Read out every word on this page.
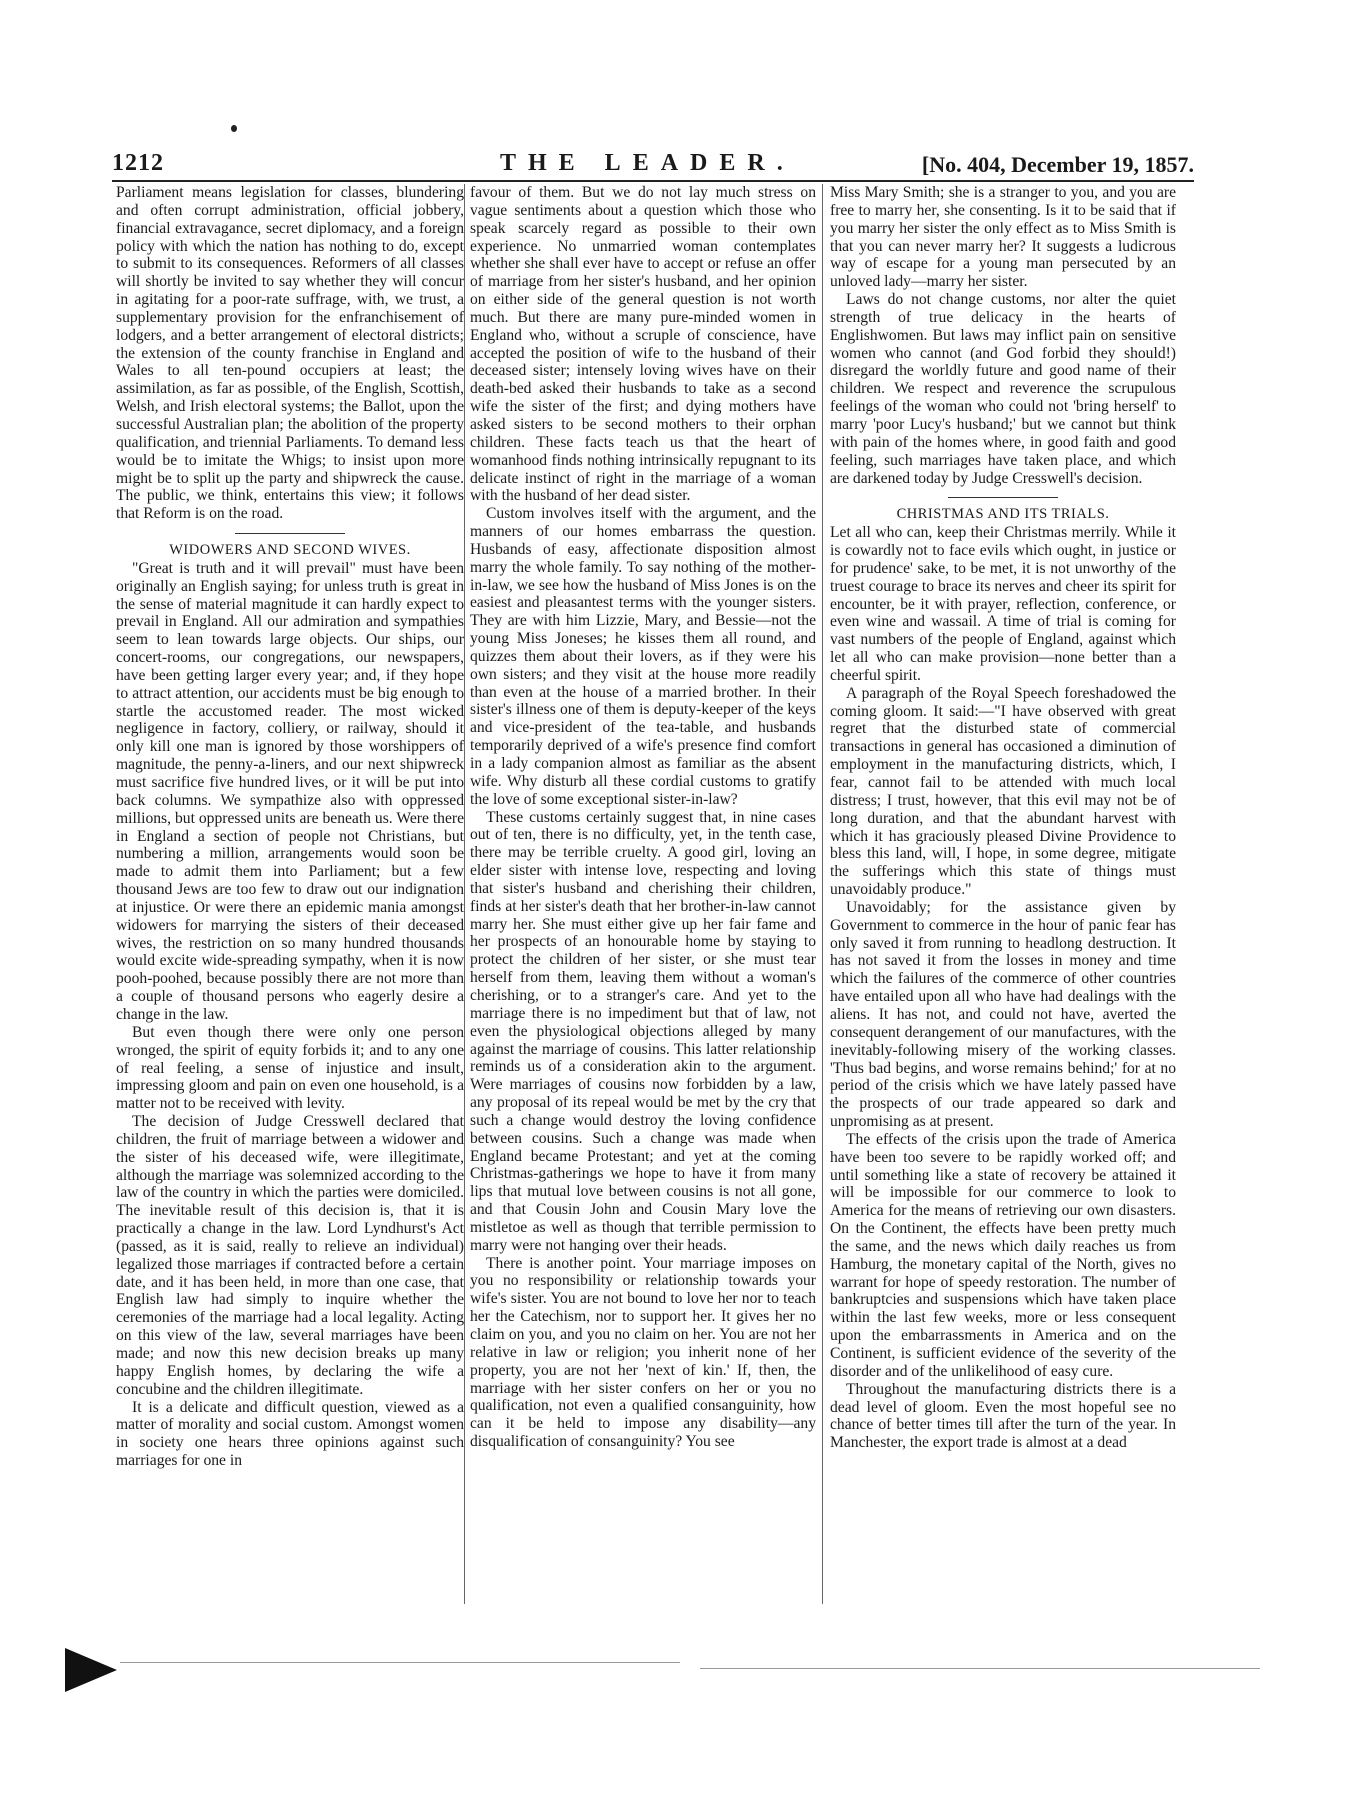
1212	THE LEADER.	[No. 404, December 19, 1857.

Parliament means legislation for classes, blundering and often corrupt administration, official jobbery, financial extravagance, secret diplomacy, and a foreign policy with which the nation has nothing to do, except to submit to its consequences. Reformers of all classes will shortly be invited to say whether they will concur in agitating for a poor-rate suffrage, with, we trust, a supplementary provision for the enfranchisement of lodgers, and a better arrangement of electoral districts; the extension of the county franchise in England and Wales to all ten-pound occupiers at least; the assimilation, as far as possible, of the English, Scottish, Welsh, and Irish electoral systems; the Ballot, upon the successful Australian plan; the abolition of the property qualification, and triennial Parliaments. To demand less would be to imitate the Whigs; to insist upon more might be to split up the party and shipwreck the cause. The public, we think, entertains this view; it follows that Reform is on the road.

WIDOWERS AND SECOND WIVES.

"Great is truth and it will prevail" must have been originally an English saying; for unless truth is great in the sense of material magnitude it can hardly expect to prevail in England. All our admiration and sympathies seem to lean towards large objects. Our ships, our concert-rooms, our congregations, our newspapers, have been getting larger every year; and, if they hope to attract attention, our accidents must be big enough to startle the accustomed reader. The most wicked negligence in factory, colliery, or railway, should it only kill one man is ignored by those worshippers of magnitude, the penny-a-liners, and our next shipwreck must sacrifice five hundred lives, or it will be put into back columns. We sympathize also with oppressed millions, but oppressed units are beneath us. Were there in England a section of people not Christians, but numbering a million, arrangements would soon be made to admit them into Parliament; but a few thousand Jews are too few to draw out our indignation at injustice. Or were there an epidemic mania amongst widowers for marrying the sisters of their deceased wives, the restriction on so many hundred thousands would excite wide-spreading sympathy, when it is now pooh-poohed, because possibly there are not more than a couple of thousand persons who eagerly desire a change in the law.

But even though there were only one person wronged, the spirit of equity forbids it; and to any one of real feeling, a sense of injustice and insult, impressing gloom and pain on even one household, is a matter not to be received with levity.

The decision of Judge Cresswell declared that children, the fruit of marriage between a widower and the sister of his deceased wife, were illegitimate, although the marriage was solemnized according to the law of the country in which the parties were domiciled. The inevitable result of this decision is, that it is practically a change in the law. Lord Lyndhurst's Act (passed, as it is said, really to relieve an individual) legalized those marriages if contracted before a certain date, and it has been held, in more than one case, that English law had simply to inquire whether the ceremonies of the marriage had a local legality. Acting on this view of the law, several marriages have been made; and now this new decision breaks up many happy English homes, by declaring the wife a concubine and the children illegitimate.

It is a delicate and difficult question, viewed as a matter of morality and social custom. Amongst women in society one hears three opinions against such marriages for one in

favour of them. But we do not lay much stress on vague sentiments about a question which those who speak scarcely regard as possible to their own experience. No unmarried woman contemplates whether she shall ever have to accept or refuse an offer of marriage from her sister's husband, and her opinion on either side of the general question is not worth much. But there are many pure-minded women in England who, without a scruple of conscience, have accepted the position of wife to the husband of their deceased sister; intensely loving wives have on their death-bed asked their husbands to take as a second wife the sister of the first; and dying mothers have asked sisters to be second mothers to their orphan children. These facts teach us that the heart of womanhood finds nothing intrinsically repugnant to its delicate instinct of right in the marriage of a woman with the husband of her dead sister.

Custom involves itself with the argument, and the manners of our homes embarrass the question. Husbands of easy, affectionate disposition almost marry the whole family. To say nothing of the mother-in-law, we see how the husband of Miss Jones is on the easiest and pleasantest terms with the younger sisters. They are with him Lizzie, Mary, and Bessie—not the young Miss Joneses; he kisses them all round, and quizzes them about their lovers, as if they were his own sisters; and they visit at the house more readily than even at the house of a married brother. In their sister's illness one of them is deputy-keeper of the keys and vice-president of the tea-table, and husbands temporarily deprived of a wife's presence find comfort in a lady companion almost as familiar as the absent wife. Why disturb all these cordial customs to gratify the love of some exceptional sister-in-law?

These customs certainly suggest that, in nine cases out of ten, there is no difficulty, yet, in the tenth case, there may be terrible cruelty. A good girl, loving an elder sister with intense love, respecting and loving that sister's husband and cherishing their children, finds at her sister's death that her brother-in-law cannot marry her. She must either give up her fair fame and her prospects of an honourable home by staying to protect the children of her sister, or she must tear herself from them, leaving them without a woman's cherishing, or to a stranger's care. And yet to the marriage there is no impediment but that of law, not even the physiological objections alleged by many against the marriage of cousins. This latter relationship reminds us of a consideration akin to the argument. Were marriages of cousins now forbidden by a law, any proposal of its repeal would be met by the cry that such a change would destroy the loving confidence between cousins. Such a change was made when England became Protestant; and yet at the coming Christmas-gatherings we hope to have it from many lips that mutual love between cousins is not all gone, and that Cousin John and Cousin Mary love the mistletoe as well as though that terrible permission to marry were not hanging over their heads.

There is another point. Your marriage imposes on you no responsibility or relationship towards your wife's sister. You are not bound to love her nor to teach her the Catechism, nor to support her. It gives her no claim on you, and you no claim on her. You are not her relative in law or religion; you inherit none of her property, you are not her 'next of kin.' If, then, the marriage with her sister confers on her or you no qualification, not even a qualified consanguinity, how can it be held to impose any disability—any disqualification of consanguinity? You see

Miss Mary Smith; she is a stranger to you, and you are free to marry her, she consenting. Is it to be said that if you marry her sister the only effect as to Miss Smith is that you can never marry her? It suggests a ludicrous way of escape for a young man persecuted by an unloved lady—marry her sister.

Laws do not change customs, nor alter the quiet strength of true delicacy in the hearts of Englishwomen. But laws may inflict pain on sensitive women who cannot (and God forbid they should!) disregard the worldly future and good name of their children. We respect and reverence the scrupulous feelings of the woman who could not 'bring herself' to marry 'poor Lucy's husband;' but we cannot but think with pain of the homes where, in good faith and good feeling, such marriages have taken place, and which are darkened today by Judge Cresswell's decision.

CHRISTMAS AND ITS TRIALS.

Let all who can, keep their Christmas merrily. While it is cowardly not to face evils which ought, in justice or for prudence' sake, to be met, it is not unworthy of the truest courage to brace its nerves and cheer its spirit for encounter, be it with prayer, reflection, conference, or even wine and wassail. A time of trial is coming for vast numbers of the people of England, against which let all who can make provision—none better than a cheerful spirit.

A paragraph of the Royal Speech foreshadowed the coming gloom. It said:—"I have observed with great regret that the disturbed state of commercial transactions in general has occasioned a diminution of employment in the manufacturing districts, which, I fear, cannot fail to be attended with much local distress; I trust, however, that this evil may not be of long duration, and that the abundant harvest with which it has graciously pleased Divine Providence to bless this land, will, I hope, in some degree, mitigate the sufferings which this state of things must unavoidably produce."

Unavoidably; for the assistance given by Government to commerce in the hour of panic fear has only saved it from running to headlong destruction. It has not saved it from the losses in money and time which the failures of the commerce of other countries have entailed upon all who have had dealings with the aliens. It has not, and could not have, averted the consequent derangement of our manufactures, with the inevitably-following misery of the working classes. 'Thus bad begins, and worse remains behind;' for at no period of the crisis which we have lately passed have the prospects of our trade appeared so dark and unpromising as at present.

The effects of the crisis upon the trade of America have been too severe to be rapidly worked off; and until something like a state of recovery be attained it will be impossible for our commerce to look to America for the means of retrieving our own disasters. On the Continent, the effects have been pretty much the same, and the news which daily reaches us from Hamburg, the monetary capital of the North, gives no warrant for hope of speedy restoration. The number of bankruptcies and suspensions which have taken place within the last few weeks, more or less consequent upon the embarrassments in America and on the Continent, is sufficient evidence of the severity of the disorder and of the unlikelihood of easy cure.

Throughout the manufacturing districts there is a dead level of gloom. Even the most hopeful see no chance of better times till after the turn of the year. In Manchester, the export trade is almost at a dead
